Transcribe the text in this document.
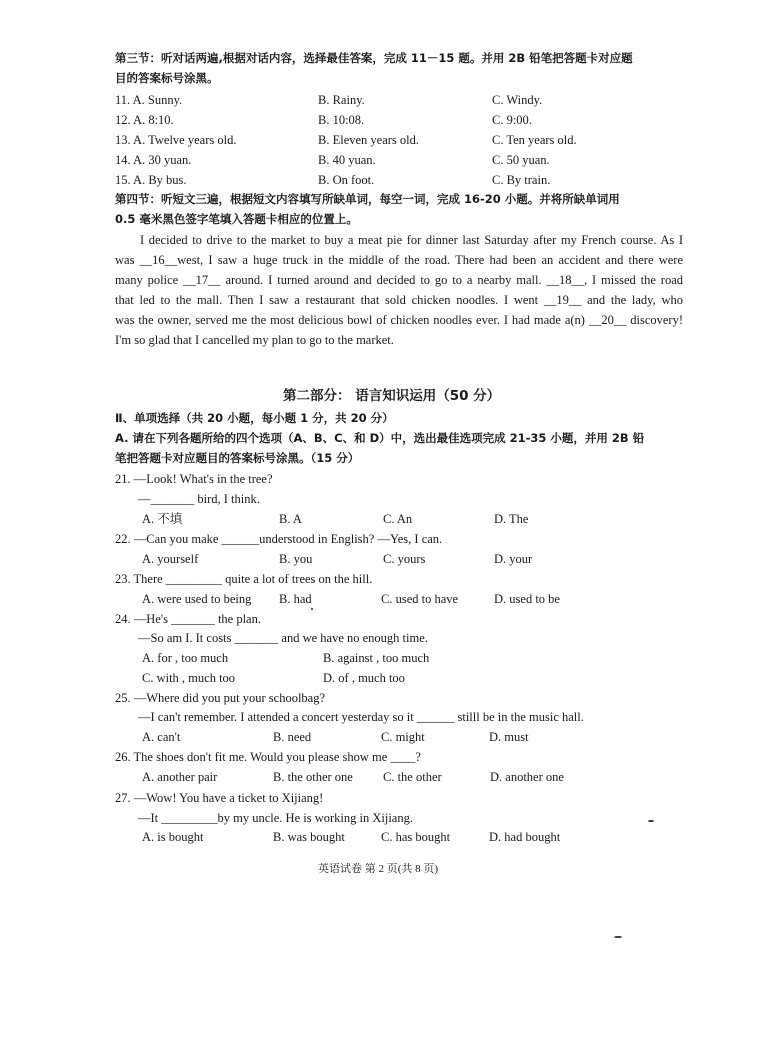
第三节：听对话两遍,根据对话内容，选择最佳答案，完成 11－15 题。并用 2B 铅笔把答题卡对应题
目的答案标号涂黑。
11. A. Sunny.	B. Rainy.	C. Windy.
12. A. 8:10.	B. 10:08.	C. 9:00.
13. A. Twelve years old.	B. Eleven years old.	C. Ten years old.
14. A. 30 yuan.	B. 40 yuan.	C. 50 yuan.
15. A. By bus.	B. On foot.	C. By train.
第四节：听短文三遍，根据短文内容填写所缺单词，每空一词，完成 16-20 小题。并将所缺单词用
0.5 毫米黑色签字笔填入答题卡相应的位置上。
I decided to drive to the market to buy a meat pie for dinner last Saturday after my French course. As I
was __16__west, I saw a huge truck in the middle of the road. There had been an accident and there were
many police __17__ around. I turned around and decided to go to a nearby mall. __18__, I missed the road
that led to the mall. Then I saw a restaurant that sold chicken noodles. I went __19__ and the lady, who
was the owner, served me the most delicious bowl of chicken noodles ever. I had made a(n) __20__ discovery!
I'm so glad that I cancelled my plan to go to the market.
第二部分： 语言知识运用（50 分）
Ⅱ、单项选择（共 20 小题，每小题 1 分，共 20 分）
A. 请在下列各题所给的四个选项（A、B、C、和 D）中，选出最佳选项完成 21-35 小题，并用 2B 铅
笔把答题卡对应题目的答案标号涂黑。（15 分）
21. —Look! What's in the tree?
—_______ bird, I think.
A. 不填	B. A	C. An	D. The
22. —Can you make ______understood in English? —Yes, I can.
A. yourself	B. you	C. yours	D. your
23. There _________ quite a lot of trees on the hill.
A. were used to being B. had	C. used to have	D. used to be
24. —He's _______ the plan.
—So am I. It costs _______ and we have no enough time.
A. for , too much	B. against , too much
C. with , much too	D. of , much too
25. —Where did you put your schoolbag?
—I can't remember. I attended a concert yesterday so it ______ stilll be in the music hall.
A. can't	B. need	C. might	D. must
26. The shoes don't fit me. Would you please show me ____?
A. another pair	B. the other one C. the other	D. another one
27. —Wow! You have a ticket to Xijiang!
—It _________by my uncle. He is working in Xijiang.
A. is bought	B. was bought	C. has bought	D. had bought
英语试卷 第 2 页(共 8 页)
